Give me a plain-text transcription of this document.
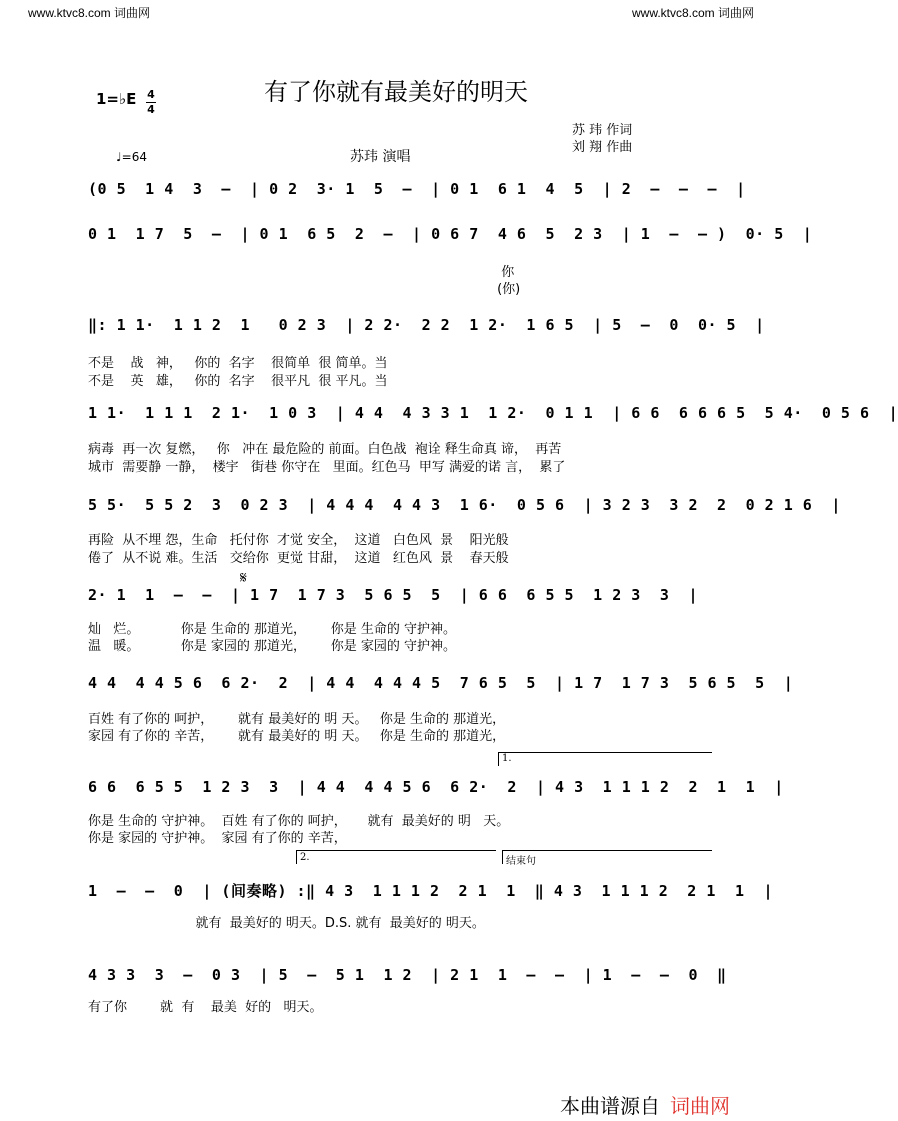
www.ktvc8.com 词曲网	www.ktvc8.com 词曲网
有了你就有最美好的明天
1=♭E 4
4
♩=64	苏玮 演唱
苏 玮 作词
刘 翔 作曲
(0 5  1 4  3  –  | 0 2  3· 1  5  –  | 0 1  6 1  4  5  | 2  –  –  –  |
0 1  1 7  5  –  | 0 1  6 5  2  –  | 0 6 7  4 6  5  2 3  | 1  –  – )  0· 5  |
你
(你)
‖: 1 1·  1 1 2  1   0 2 3  | 2 2·  2 2  1 2·  1 6 5  | 5  –  0  0· 5  |
不是    战   神，   你的  名字    很简单  很 简单。当
不是    英   雄，   你的  名字    很平凡  很 平凡。当
1 1·  1 1 1  2 1·  1 0 3  | 4 4  4 3 3 1  1 2·  0 1 1  | 6 6  6 6 6 5  5 4·  0 5 6  |
病毒  再一次 复燃，   你   冲在 最危险的 前面。白色战  袍诠 释生命真 谛，  再苦
城市  需要静 一静，  楼宇   街巷 你守在   里面。红色马  甲写 满爱的诺 言，  累了
5 5·  5 5 2  3  0 2 3  | 4 4 4  4 4 3  1 6·  0 5 6  | 3 2 3  3 2  2  0 2 1 6  |
再险  从不埋 怨，生命   托付你  才觉 安全，  这道   白色风  景    阳光般
倦了  从不说 难。生活   交给你  更觉 甘甜，  这道   红色风  景    春天般
2· 1  1  –  –  | 1 7  1 7 3  5 6 5  5  | 6 6  6 5 5  1 2 3  3  |
灿   烂。          你是 生命的 那道光，      你是 生命的 守护神。
温   暖。          你是 家园的 那道光，      你是 家园的 守护神。
𝄋
4 4  4 4 5 6  6 2·  2  | 4 4  4 4 4 5  7 6 5  5  | 1 7  1 7 3  5 6 5  5  |
百姓 有了你的 呵护，      就有 最美好的 明 天。   你是 生命的 那道光，
家园 有了你的 辛苦，      就有 最美好的 明 天。   你是 生命的 那道光，
1.
6 6  6 5 5  1 2 3  3  | 4 4  4 4 5 6  6 2·  2  | 4 3  1 1 1 2  2  1  1  |
你是 生命的 守护神。  百姓 有了你的 呵护，     就有  最美好的 明   天。
你是 家园的 守护神。  家园 有了你的 辛苦，
2.	结束句
1  –  –  0  | (间奏略) :‖ 4 3  1 1 1 2  2 1  1  ‖ 4 3  1 1 1 2  2 1  1  |
就有  最美好的 明天。D.S. 就有  最美好的 明天。
4 3 3  3  –  0 3  | 5  –  5 1  1 2  | 2 1  1  –  –  | 1  –  –  0  ‖
有了你        就  有    最美  好的   明天。
本曲谱源自 词曲网
